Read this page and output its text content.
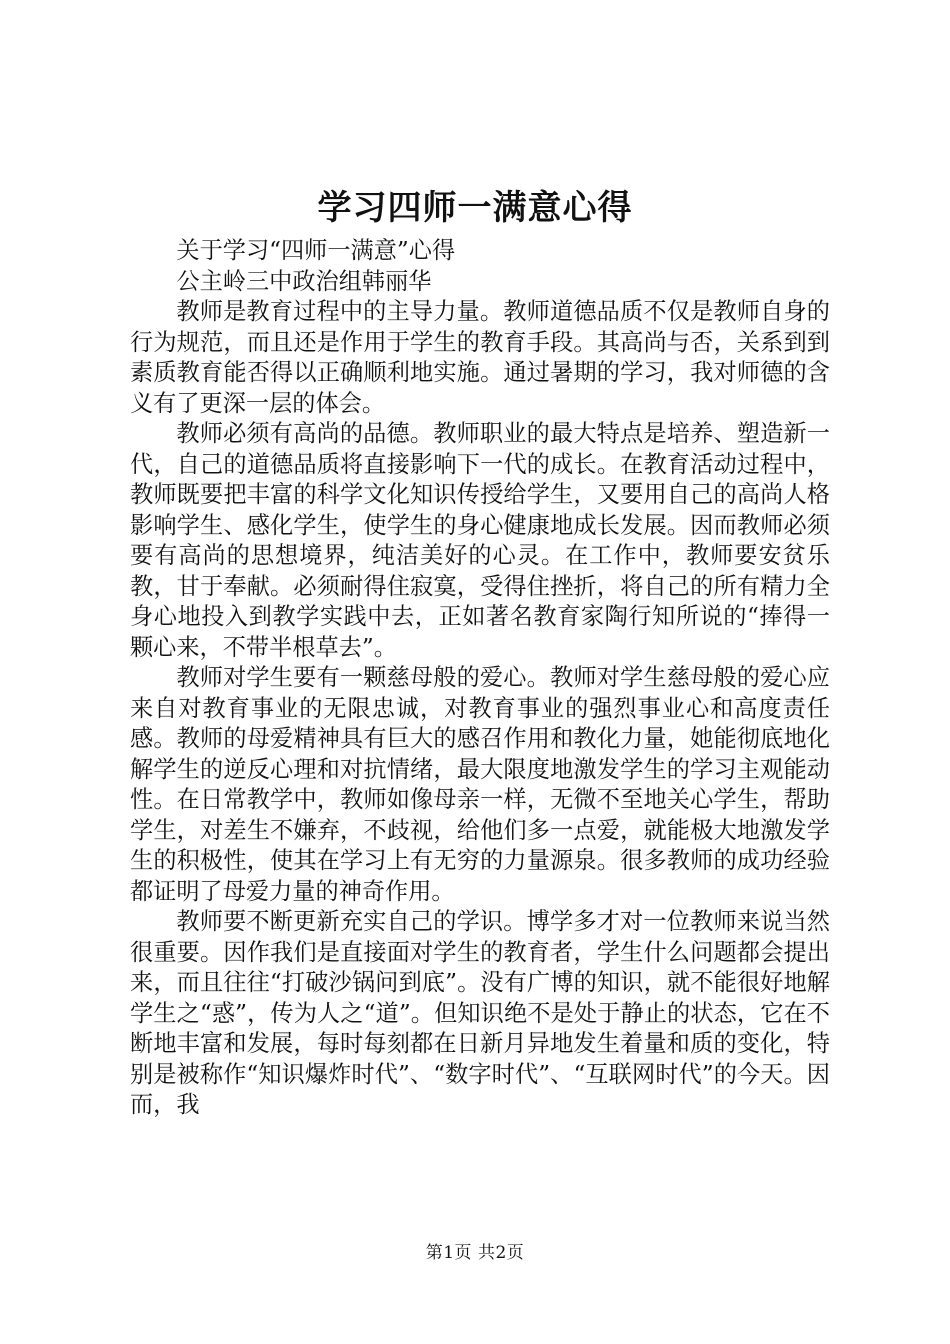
学习四师一满意心得

关于学习“四师一满意”心得

公主岭三中政治组韩丽华

教师是教育过程中的主导力量。教师道德品质不仅是教师自身的行为规范，而且还是作用于学生的教育手段。其高尚与否，关系到到素质教育能否得以正确顺利地实施。通过暑期的学习，我对师德的含义有了更深一层的体会。

教师必须有高尚的品德。教师职业的最大特点是培养、塑造新一代，自己的道德品质将直接影响下一代的成长。在教育活动过程中，教师既要把丰富的科学文化知识传授给学生，又要用自己的高尚人格影响学生、感化学生，使学生的身心健康地成长发展。因而教师必须要有高尚的思想境界，纯洁美好的心灵。在工作中，教师要安贫乐教，甘于奉献。必须耐得住寂寞，受得住挫折，将自己的所有精力全身心地投入到教学实践中去，正如著名教育家陶行知所说的“捧得一颗心来，不带半根草去”。

教师对学生要有一颗慈母般的爱心。教师对学生慈母般的爱心应来自对教育事业的无限忠诚，对教育事业的强烈事业心和高度责任感。教师的母爱精神具有巨大的感召作用和教化力量，她能彻底地化解学生的逆反心理和对抗情绪，最大限度地激发学生的学习主观能动性。在日常教学中，教师如像母亲一样，无微不至地关心学生，帮助学生，对差生不嫌弃，不歧视，给他们多一点爱，就能极大地激发学生的积极性，使其在学习上有无穷的力量源泉。很多教师的成功经验都证明了母爱力量的神奇作用。

教师要不断更新充实自己的学识。博学多才对一位教师来说当然很重要。因作我们是直接面对学生的教育者，学生什么问题都会提出来，而且往往“打破沙锅问到底”。没有广博的知识，就不能很好地解学生之“惑”，传为人之“道”。但知识绝不是处于静止的状态，它在不断地丰富和发展，每时每刻都在日新月异地发生着量和质的变化，特别是被称作“知识爆炸时代”、“数字时代”、“互联网时代”的今天。因而，我

第1页 共2页
